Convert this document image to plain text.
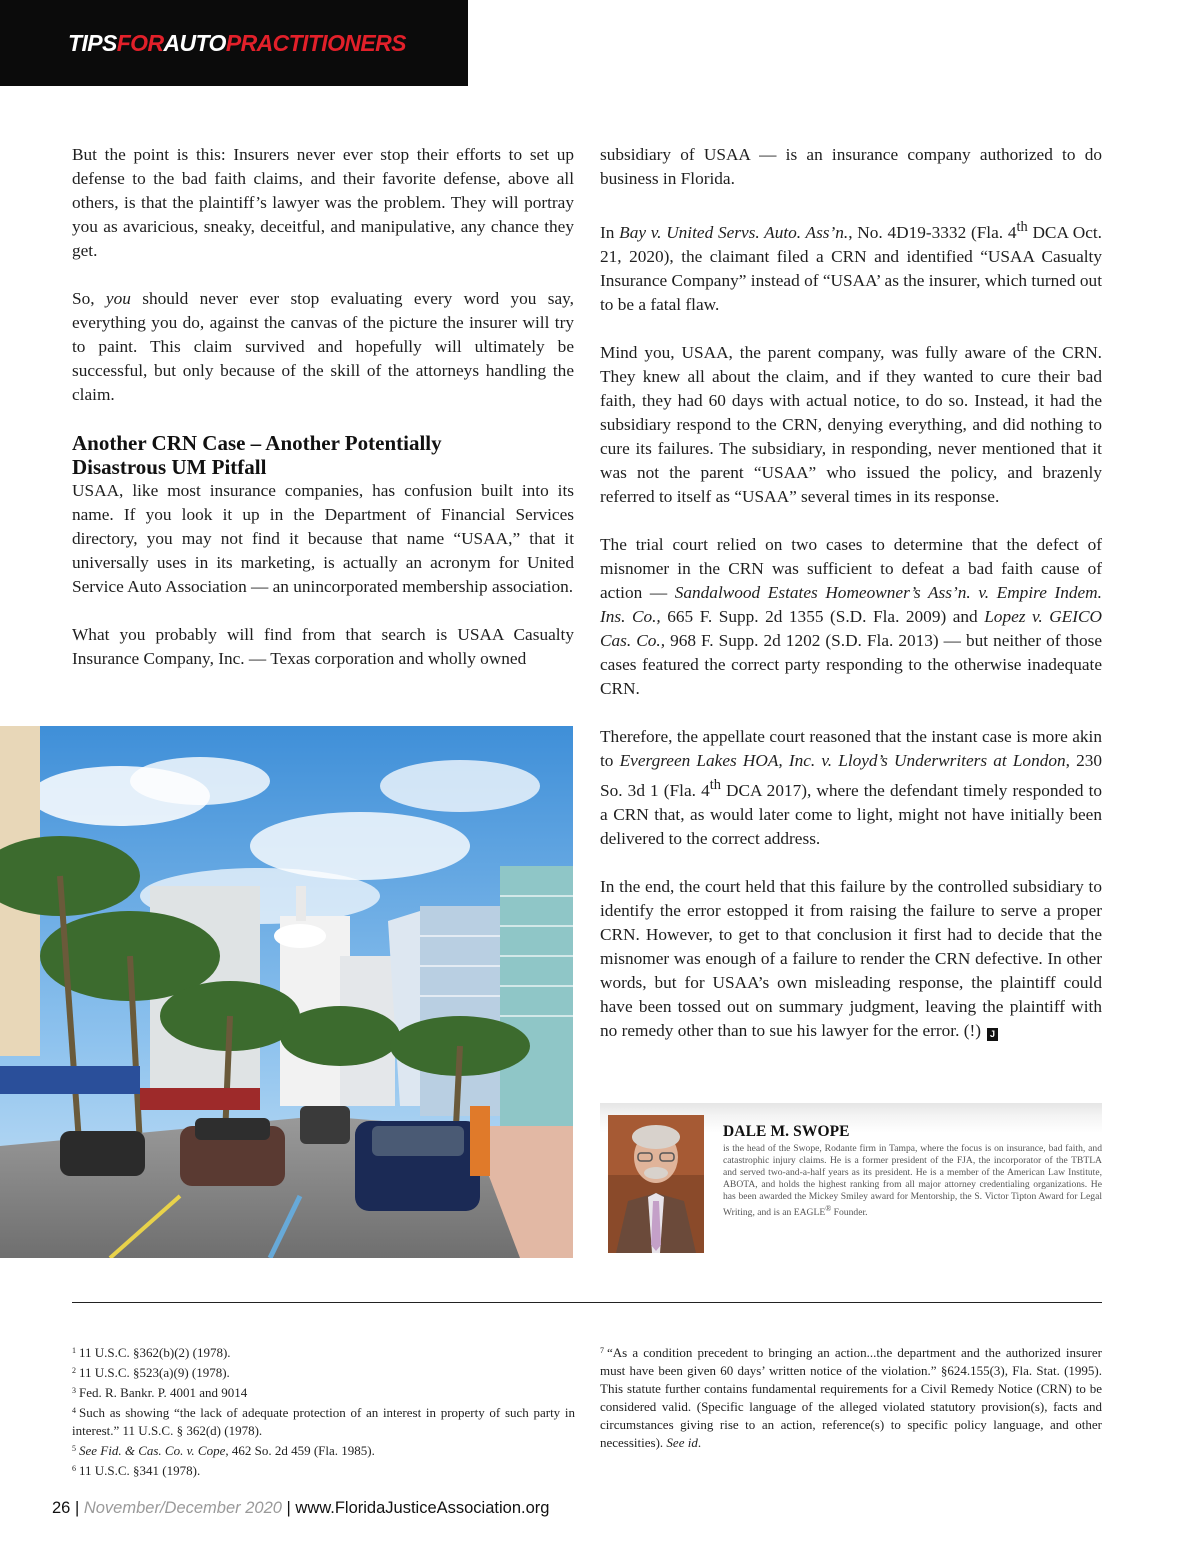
TIPSFORAUTOPRACTITIONERS

But the point is this: Insurers never ever stop their efforts to set up defense to the bad faith claims, and their favorite defense, above all others, is that the plaintiff’s lawyer was the problem. They will portray you as avaricious, sneaky, deceitful, and manipulative, any chance they get.

So, you should never ever stop evaluating every word you say, everything you do, against the canvas of the picture the insurer will try to paint. This claim survived and hopefully will ultimately be successful, but only because of the skill of the attorneys handling the claim.

Another CRN Case – Another Potentially
Disastrous UM Pitfall

USAA, like most insurance companies, has confusion built into its name. If you look it up in the Department of Financial Services directory, you may not find it because that name “USAA,” that it universally uses in its marketing, is actually an acronym for United Service Auto Association — an unincorporated membership association.

What you probably will find from that search is USAA Casualty Insurance Company, Inc. — Texas corporation and wholly owned

subsidiary of USAA — is an insurance company authorized to do business in Florida.

In Bay v. United Servs. Auto. Ass’n., No. 4D19-3332 (Fla. 4th DCA Oct. 21, 2020), the claimant filed a CRN and identified “USAA Casualty Insurance Company” instead of “USAA’ as the insurer, which turned out to be a fatal flaw.

Mind you, USAA, the parent company, was fully aware of the CRN. They knew all about the claim, and if they wanted to cure their bad faith, they had 60 days with actual notice, to do so. Instead, it had the subsidiary respond to the CRN, denying everything, and did nothing to cure its failures. The subsidiary, in responding, never mentioned that it was not the parent “USAA” who issued the policy, and brazenly referred to itself as “USAA” several times in its response.

The trial court relied on two cases to determine that the defect of misnomer in the CRN was sufficient to defeat a bad faith cause of action — Sandalwood Estates Homeowner’s Ass’n. v. Empire Indem. Ins. Co., 665 F. Supp. 2d 1355 (S.D. Fla. 2009) and Lopez v. GEICO Cas. Co., 968 F. Supp. 2d 1202 (S.D. Fla. 2013) — but neither of those cases featured the correct party responding to the otherwise inadequate CRN.

Therefore, the appellate court reasoned that the instant case is more akin to Evergreen Lakes HOA, Inc. v. Lloyd’s Underwriters at London, 230 So. 3d 1 (Fla. 4th DCA 2017), where the defendant timely responded to a CRN that, as would later come to light, might not have initially been delivered to the correct address.

In the end, the court held that this failure by the controlled subsidiary to identify the error estopped it from raising the failure to serve a proper CRN. However, to get to that conclusion it first had to decide that the misnomer was enough of a failure to render the CRN defective. In other words, but for USAA’s own misleading response, the plaintiff could have been tossed out on summary judgment, leaving the plaintiff with no remedy other than to sue his lawyer for the error. (!) J

DALE M. SWOPE

is the head of the Swope, Rodante firm in Tampa, where the focus is on insurance, bad faith, and catastrophic injury claims. He is a former president of the FJA, the incorporator of the TBTLA and served two-and-a-half years as its president. He is a member of the American Law Institute, ABOTA, and holds the highest ranking from all major attorney credentialing organizations. He has been awarded the Mickey Smiley award for Mentorship, the S. Victor Tipton Award for Legal Writing, and is an EAGLE® Founder.

$^1$ 11 U.S.C. §362(b)(2) (1978).

$^2$ 11 U.S.C. §523(a)(9) (1978).

$^3$ Fed. R. Bankr. P. 4001 and 9014

$^4$ Such as showing “the lack of adequate protection of an interest in property of such party in interest.” 11 U.S.C. § 362(d) (1978).

$^5$ See Fid. & Cas. Co. v. Cope, 462 So. 2d 459 (Fla. 1985).

$^6$ 11 U.S.C. §341 (1978).

$^7$ “As a condition precedent to bringing an action...the department and the authorized insurer must have been given 60 days’ written notice of the violation.” §624.155(3), Fla. Stat. (1995). This statute further contains fundamental requirements for a Civil Remedy Notice (CRN) to be considered valid. (Specific language of the alleged violated statutory provision(s), facts and circumstances giving rise to an action, reference(s) to specific policy language, and other necessities). See id.

26 | November/December 2020 | www.FloridaJusticeAssociation.org
